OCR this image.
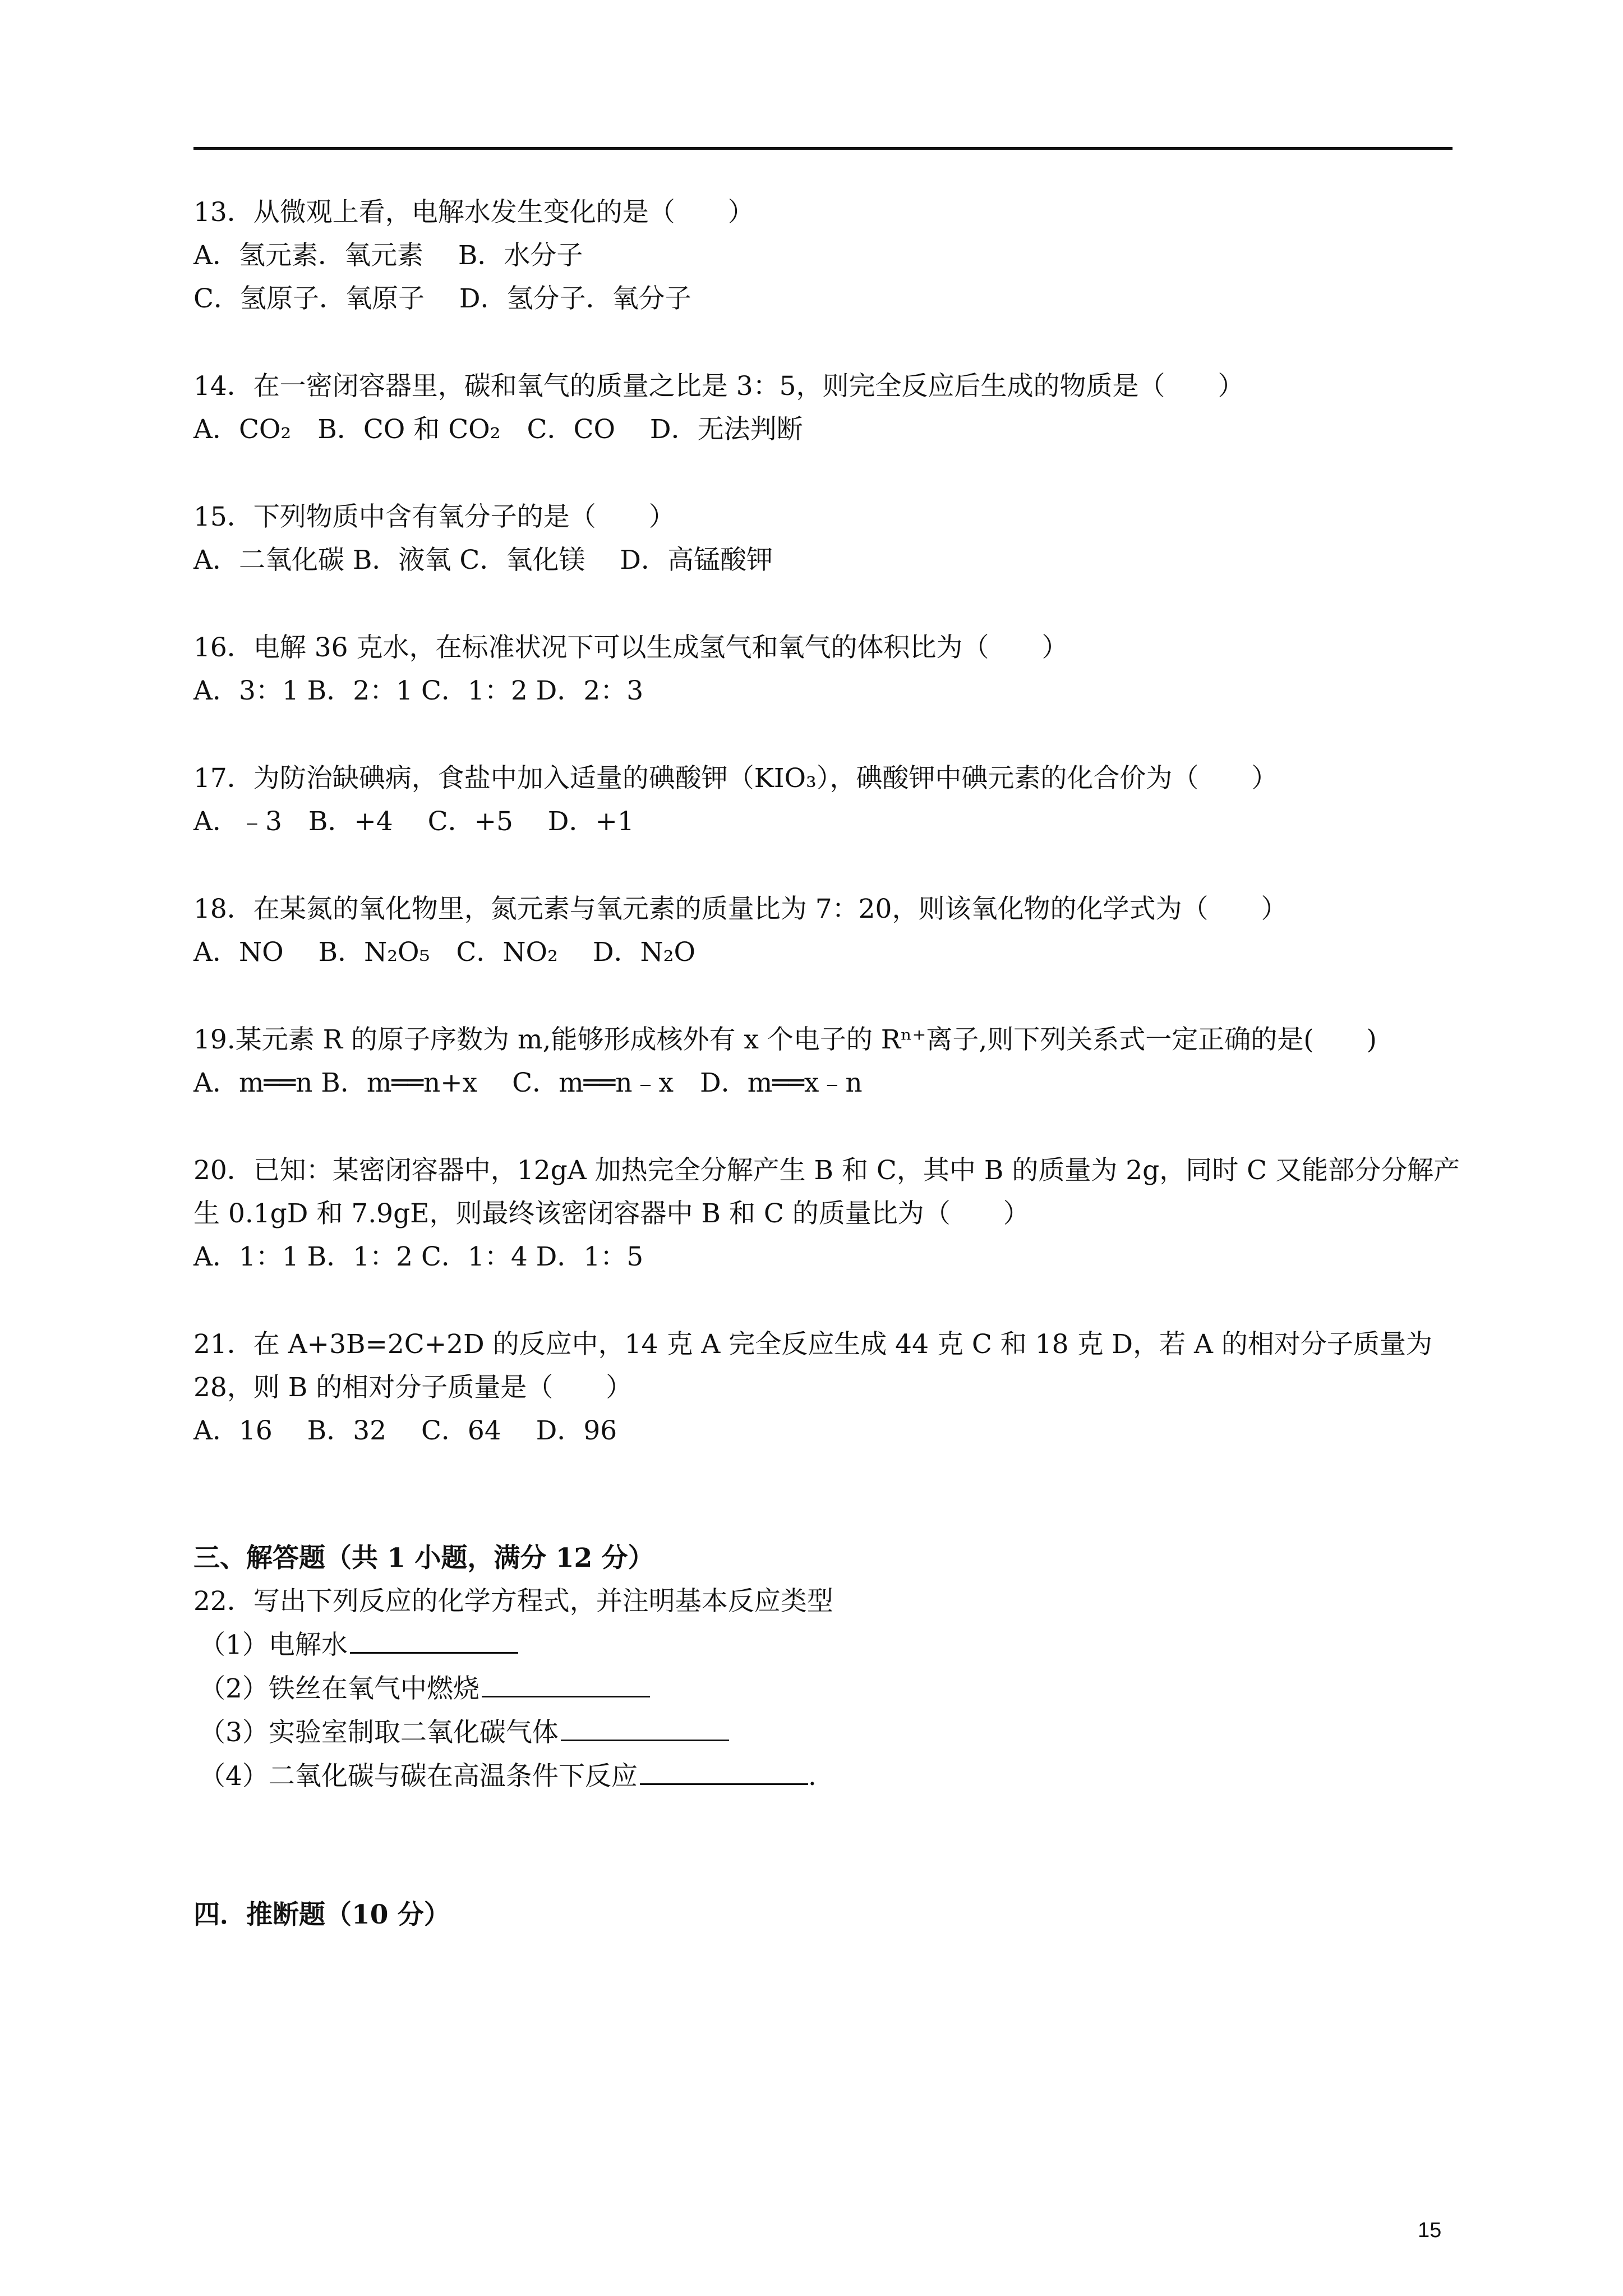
13．从微观上看，电解水发生变化的是（　　）
A．氢元素．氧元素　 B．水分子
C．氢原子．氧原子　 D．氢分子．氧分子
14．在一密闭容器里，碳和氧气的质量之比是 3：5，则完全反应后生成的物质是（　　）
A．CO₂　B．CO 和 CO₂　C．CO　 D．无法判断
15．下列物质中含有氧分子的是（　　）
A．二氧化碳 B．液氧 C．氧化镁　 D．高锰酸钾
16．电解 36 克水，在标准状况下可以生成氢气和氧气的体积比为（　　）
A．3：1 B．2：1 C．1：2 D．2：3
17．为防治缺碘病，食盐中加入适量的碘酸钾（KIO₃），碘酸钾中碘元素的化合价为（　　）
A．﹣3　B．+4　 C．+5　 D．+1
18．在某氮的氧化物里，氮元素与氧元素的质量比为 7：20，则该氧化物的化学式为（　　）
A．NO　 B．N₂O₅　C．NO₂　 D．N₂O
19.某元素 R 的原子序数为 m,能够形成核外有 x 个电子的 Rⁿ⁺离子,则下列关系式一定正确的是(　　)
A．m══n B．m══n+x　 C．m══n﹣x　D．m══x﹣n
20．已知：某密闭容器中，12gA 加热完全分解产生 B 和 C，其中 B 的质量为 2g，同时 C 又能部分分解产生 0.1gD 和 7.9gE，则最终该密闭容器中 B 和 C 的质量比为（　　）
A．1：1 B．1：2 C．1：4 D．1：5
21．在 A+3B=2C+2D 的反应中，14 克 A 完全反应生成 44 克 C 和 18 克 D，若 A 的相对分子质量为 28，则 B 的相对分子质量是（　　）
A．16　 B．32　 C．64　 D．96
三、解答题（共 1 小题，满分 12 分）
22．写出下列反应的化学方程式，并注明基本反应类型
（1）电解水
（2）铁丝在氧气中燃烧
（3）实验室制取二氧化碳气体
（4）二氧化碳与碳在高温条件下反应	.
四．推断题（10 分）
15
